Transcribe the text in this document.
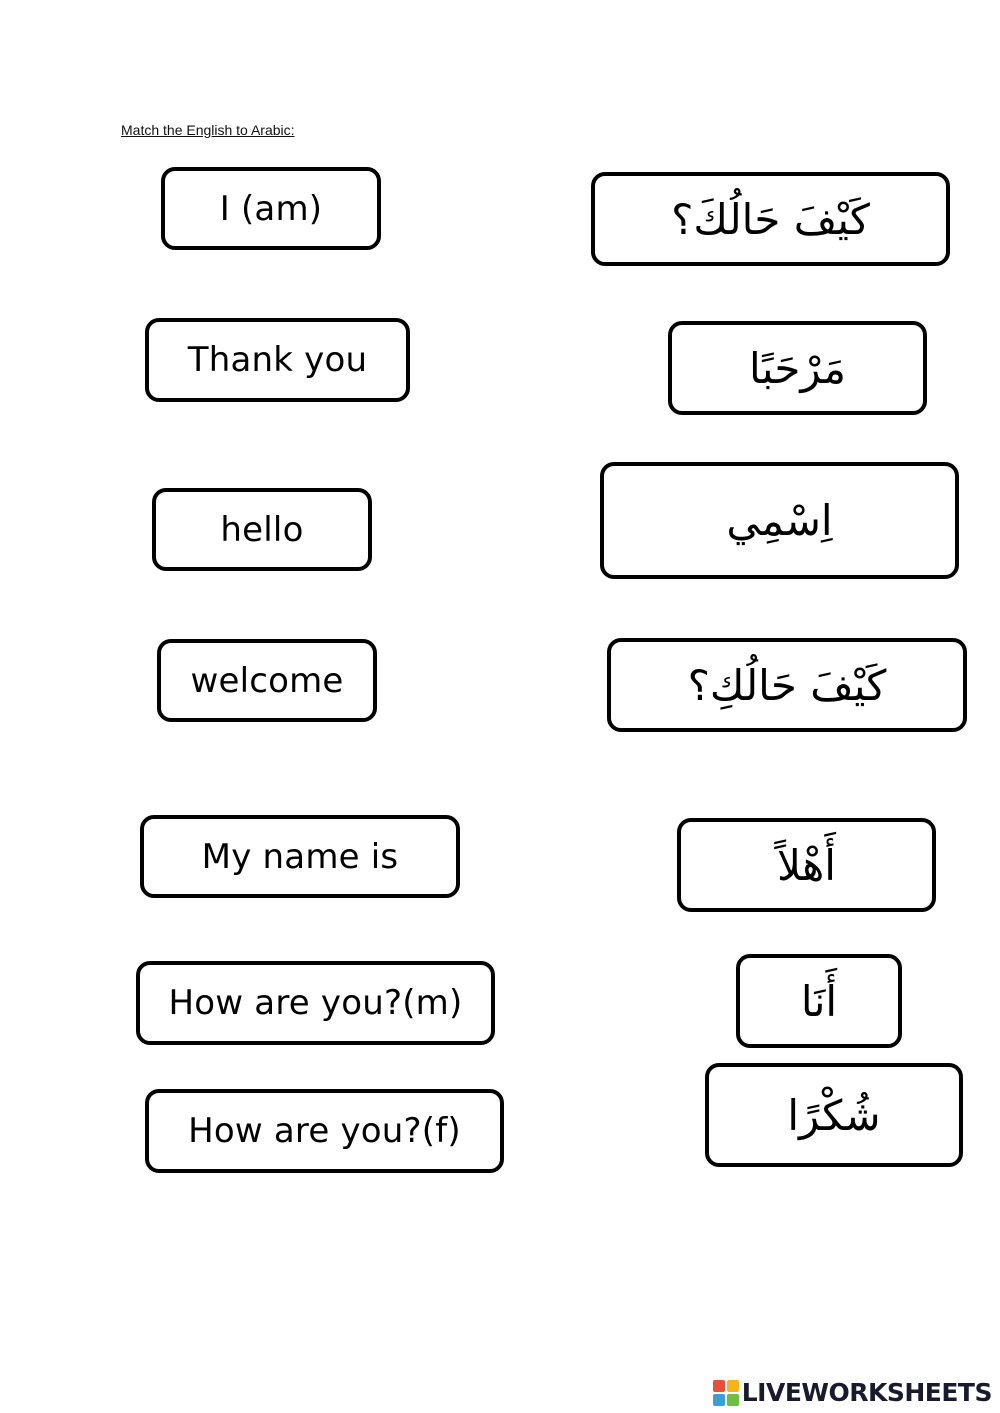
Match the English to Arabic:
I (am)
Thank you
hello
welcome
My name is
How are you?(m)
How are you?(f)
كَيْفَ حَالُكَ؟
مَرْحَبًا
اِسْمِي
كَيْفَ حَالُكِ؟
أَهْلاً
أَنَا
شُكْرًا
LIVEWORKSHEETS
